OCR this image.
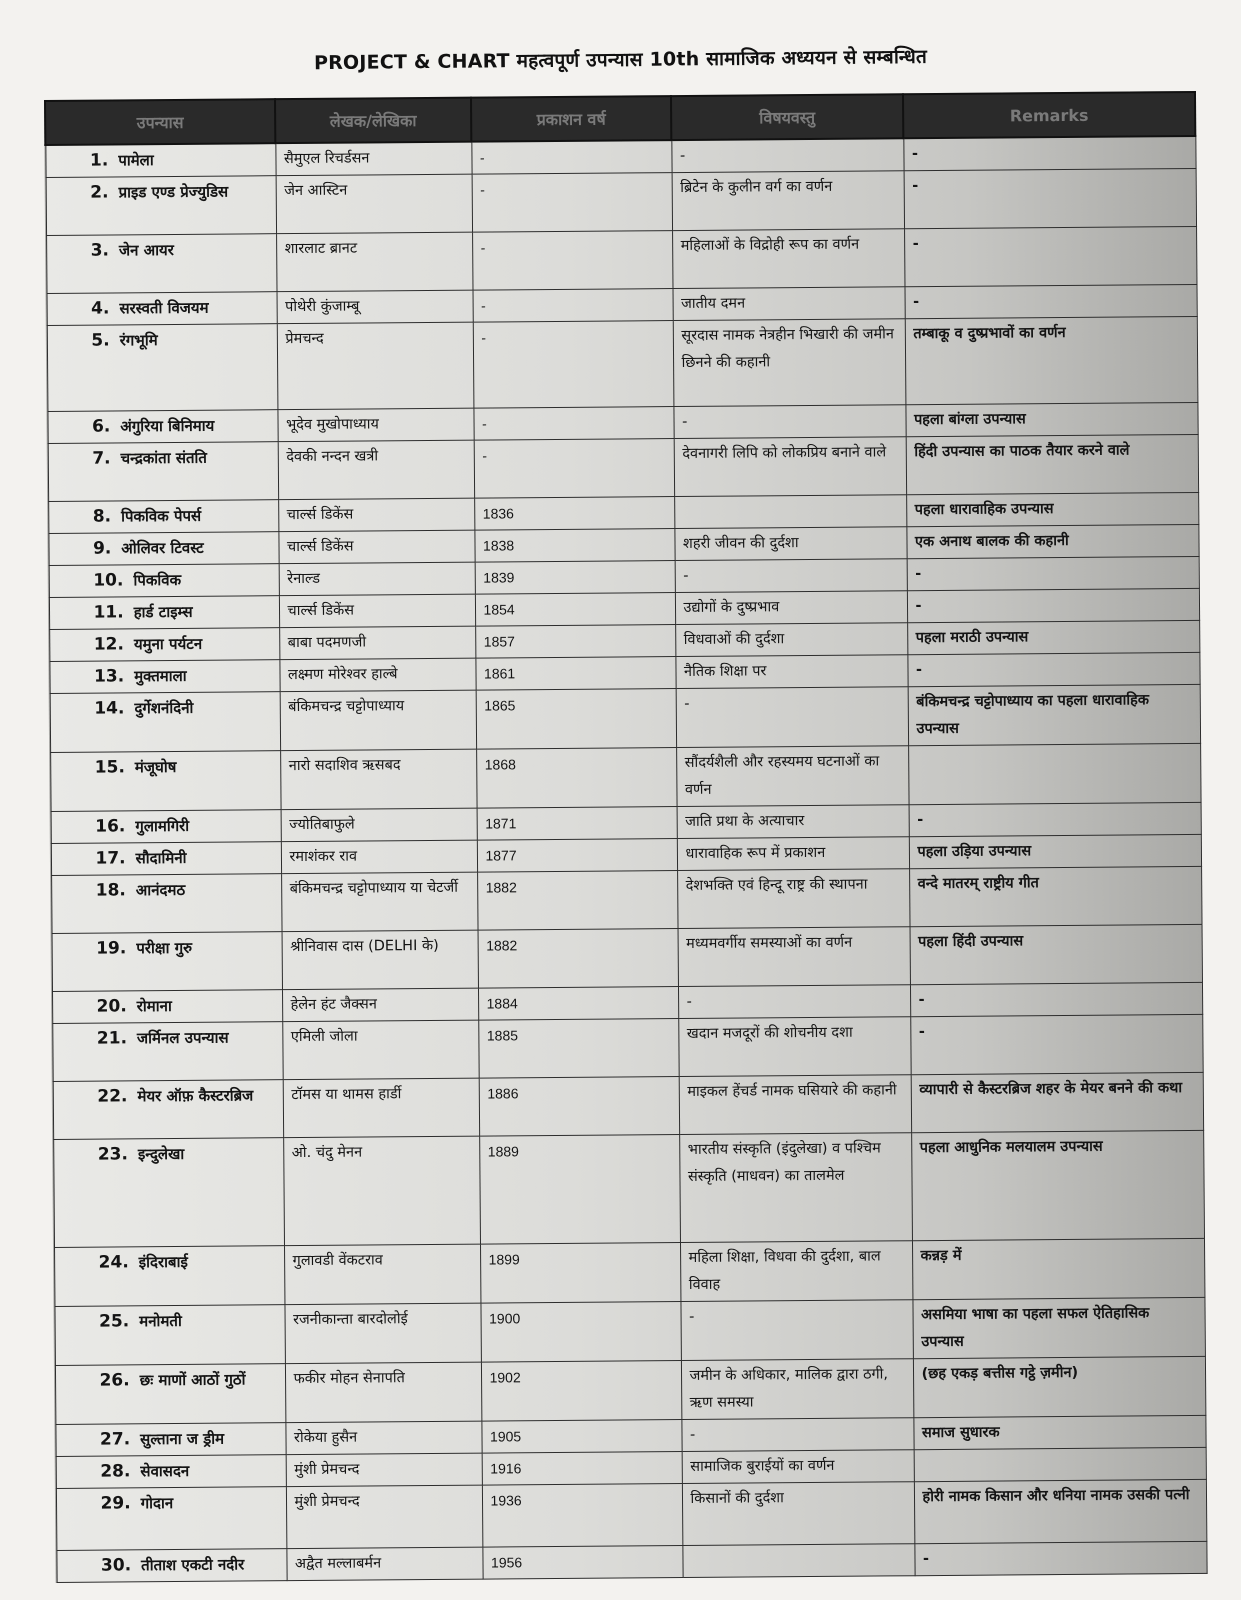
PROJECT & CHART महत्वपूर्ण उपन्यास 10th सामाजिक अध्ययन से सम्बन्धित
उपन्यास	लेखक/लेखिका	प्रकाशन वर्ष	विषयवस्तु	Remarks
1. पामेला	सैमुएल रिचर्डसन	-	-	-
2. प्राइड एण्ड प्रेज्युडिस	जेन आस्टिन	-	ब्रिटेन के कुलीन वर्ग का वर्णन	-
3. जेन आयर	शारलाट ब्रानट	-	महिलाओं के विद्रोही रूप का वर्णन	-
4. सरस्वती विजयम	पोथेरी कुंजाम्बू	-	जातीय दमन	-
5. रंगभूमि	प्रेमचन्द	-	सूरदास नामक नेत्रहीन भिखारी की जमीन छिनने की कहानी	तम्बाकू व दुष्प्रभावों का वर्णन
6. अंगुरिया बिनिमाय	भूदेव मुखोपाध्याय	-	-	पहला बांग्ला उपन्यास
7. चन्द्रकांता संतति	देवकी नन्दन खत्री	-	देवनागरी लिपि को लोकप्रिय बनाने वाले	हिंदी उपन्यास का पाठक तैयार करने वाले
8. पिकविक पेपर्स	चार्ल्स डिकेंस	1836		पहला धारावाहिक उपन्यास
9. ओलिवर टिवस्ट	चार्ल्स डिकेंस	1838	शहरी जीवन की दुर्दशा	एक अनाथ बालक की कहानी
10. पिकविक	रेनाल्ड	1839	-	-
11. हार्ड टाइम्स	चार्ल्स डिकेंस	1854	उद्योगों के दुष्प्रभाव	-
12. यमुना पर्यटन	बाबा पदमणजी	1857	विधवाओं की दुर्दशा	पहला मराठी उपन्यास
13. मुक्तमाला	लक्ष्मण मोरेश्वर हाल्बे	1861	नैतिक शिक्षा पर	-
14. दुर्गेशनंदिनी	बंकिमचन्द्र चट्टोपाध्याय	1865	-	बंकिमचन्द्र चट्टोपाध्याय का पहला धारावाहिक उपन्यास
15. मंजूघोष	नारो सदाशिव ऋसबद	1868	सौंदर्यशैली और रहस्यमय घटनाओं का वर्णन	
16. गुलामगिरी	ज्योतिबाफुले	1871	जाति प्रथा के अत्याचार	-
17. सौदामिनी	रमाशंकर राव	1877	धारावाहिक रूप में प्रकाशन	पहला उड़िया उपन्यास
18. आनंदमठ	बंकिमचन्द्र चट्टोपाध्याय या चेटर्जी	1882	देशभक्ति एवं हिन्दू राष्ट्र की स्थापना	वन्दे मातरम् राष्ट्रीय गीत
19. परीक्षा गुरु	श्रीनिवास दास (DELHI के)	1882	मध्यमवर्गीय समस्याओं का वर्णन	पहला हिंदी उपन्यास
20. रोमाना	हेलेन हंट जैक्सन	1884	-	-
21. जर्मिनल उपन्यास	एमिली जोला	1885	खदान मजदूरों की शोचनीय दशा	-
22. मेयर ऑफ़ कैस्टरब्रिज	टॉमस या थामस हार्डी	1886	माइकल हेंचर्ड नामक घसियारे की कहानी	व्यापारी से कैस्टरब्रिज शहर के मेयर बनने की कथा
23. इन्दुलेखा	ओ. चंदु मेनन	1889	भारतीय संस्कृति (इंदुलेखा) व पश्चिम संस्कृति (माधवन) का तालमेल	पहला आधुनिक मलयालम उपन्यास
24. इंदिराबाई	गुलावडी वेंकटराव	1899	महिला शिक्षा, विधवा की दुर्दशा, बाल विवाह	कन्नड़ में
25. मनोमती	रजनीकान्ता बारदोलोई	1900	-	असमिया भाषा का पहला सफल ऐतिहासिक उपन्यास
26. छः माणों आठों गुठों	फकीर मोहन सेनापति	1902	जमीन के अधिकार, मालिक द्वारा ठगी, ऋण समस्या	(छह एकड़ बत्तीस गट्ठे ज़मीन)
27. सुल्ताना ज ड्रीम	रोकेया हुसैन	1905	-	समाज सुधारक
28. सेवासदन	मुंशी प्रेमचन्द	1916	सामाजिक बुराईयों का वर्णन	
29. गोदान	मुंशी प्रेमचन्द	1936	किसानों की दुर्दशा	होरी नामक किसान और धनिया नामक उसकी पत्नी
30. तीताश एकटी नदीर	अद्वैत मल्लाबर्मन	1956		-
